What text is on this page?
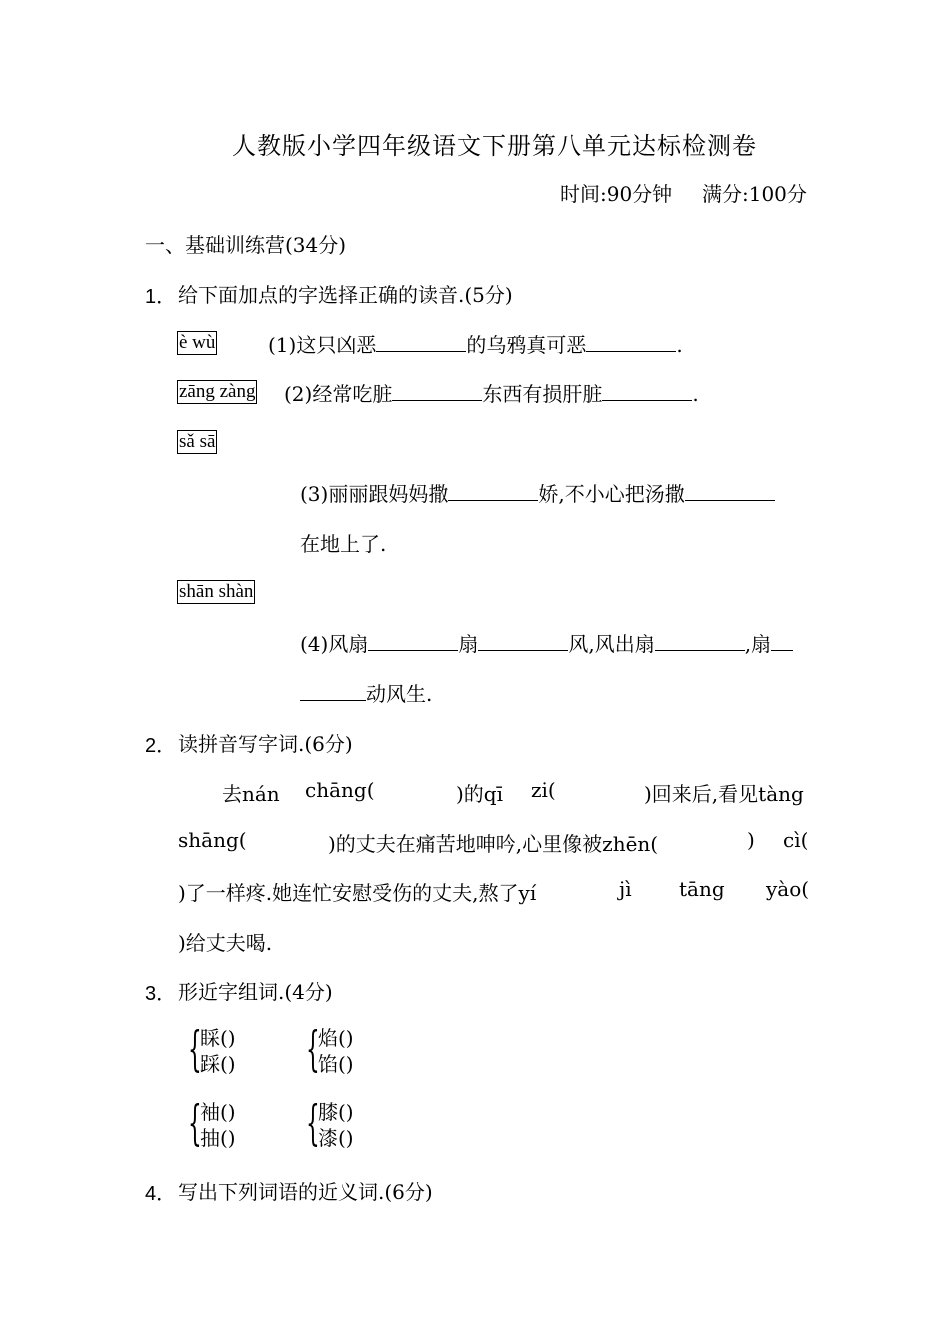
人教版小学四年级语文下册第八单元达标检测卷
时间:90分钟 满分:100分
一、基础训练营(34分)
1． 给下面加点的字选择正确的读音.(5分)
è wù	(1)这只凶恶	的乌鸦真可恶	.
zāng zàng (2)经常吃脏	东西有损肝脏	.
sǎ sā
(3)丽丽跟妈妈撒	娇,不小心把汤撒
在地上了.
shān shàn
(4)风扇	扇	风,风出扇	,扇
动风生.
2． 读拼音写字词.(6分)
去nán chāng(	)的qī zi(	)回来后,看见tàng
shāng(	)的丈夫在痛苦地呻吟,心里像被zhēn(	) cì(
)了一样疼.她连忙安慰受伤的丈夫,熬了yí	jì tāng yào(
)给丈夫喝.
3． 形近字组词.(4分)
{
睬()
踩() {
焰()
馅()
{
袖()
抽() {
膝()
漆()
4． 写出下列词语的近义词.(6分)
